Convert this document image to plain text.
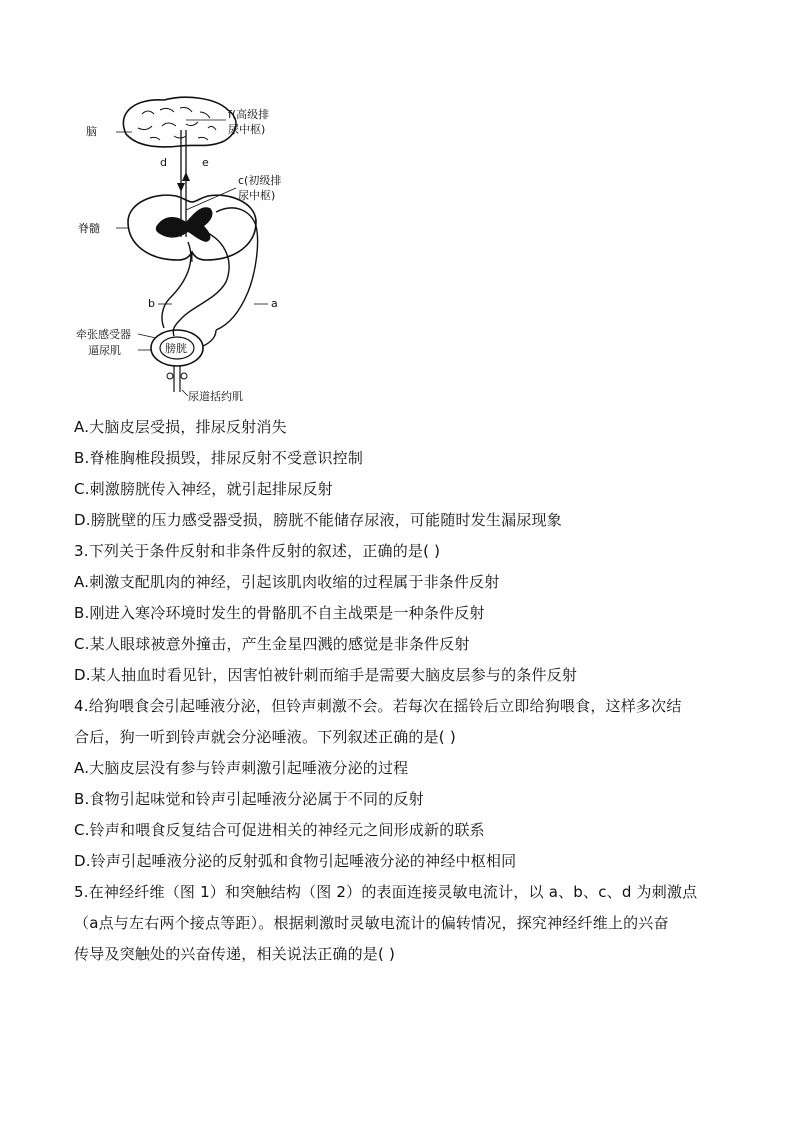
脑
f(高级排
尿中枢)
d	e
c(初级排
尿中枢)
脊髓
b	a
牵张感受器
逼尿肌	膀胱
尿道括约肌
A.大脑皮层受损，排尿反射消失
B.脊椎胸椎段损毁，排尿反射不受意识控制
C.刺激膀胱传入神经，就引起排尿反射
D.膀胱壁的压力感受器受损，膀胱不能储存尿液，可能随时发生漏尿现象
3.下列关于条件反射和非条件反射的叙述，正确的是( )
A.刺激支配肌肉的神经，引起该肌肉收缩的过程属于非条件反射
B.刚进入寒冷环境时发生的骨骼肌不自主战栗是一种条件反射
C.某人眼球被意外撞击，产生金星四溅的感觉是非条件反射
D.某人抽血时看见针，因害怕被针刺而缩手是需要大脑皮层参与的条件反射
4.给狗喂食会引起唾液分泌，但铃声刺激不会。若每次在摇铃后立即给狗喂食，这样多次结
合后，狗一听到铃声就会分泌唾液。下列叙述正确的是( )
A.大脑皮层没有参与铃声刺激引起唾液分泌的过程
B.食物引起味觉和铃声引起唾液分泌属于不同的反射
C.铃声和喂食反复结合可促进相关的神经元之间形成新的联系
D.铃声引起唾液分泌的反射弧和食物引起唾液分泌的神经中枢相同
5.在神经纤维（图 1）和突触结构（图 2）的表面连接灵敏电流计，以 a、b、c、d 为刺激点
（a点与左右两个接点等距）。根据刺激时灵敏电流计的偏转情况，探究神经纤维上的兴奋
传导及突触处的兴奋传递，相关说法正确的是( )
